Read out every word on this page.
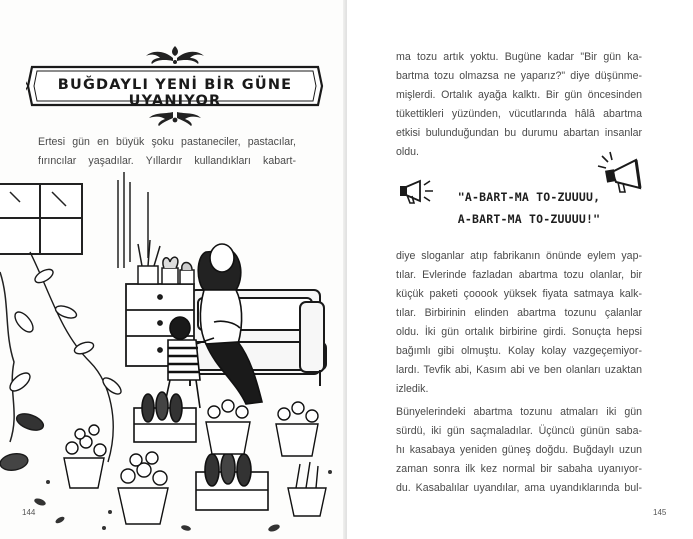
BUĞDAYLI YENİ BİR GÜNE UYANIYOR
Ertesi gün en büyük şoku pastaneciler, pastacılar,
fırıncılar yaşadılar. Yıllardır kullandıkları kabart-
144	145
ma tozu artık yoktu. Bugüne kadar "Bir gün ka-
bartma tozu olmazsa ne yaparız?" diye düşünme-
mişlerdi. Ortalık ayağa kalktı. Bir gün öncesinden
tükettikleri yüzünden, vücutlarında hâlâ abartma
etkisi bulunduğundan bu durumu abartan insanlar
oldu.
"A-BART-MA TO-ZUUUU,
A-BART-MA TO-ZUUUU!"
diye sloganlar atıp fabrikanın önünde eylem yap-
tılar. Evlerinde fazladan abartma tozu olanlar, bir
küçük paketi çooook yüksek fiyata satmaya kalk-
tılar. Birbirinin elinden abartma tozunu çalanlar
oldu. İki gün ortalık birbirine girdi. Sonuçta hepsi
bağımlı gibi olmuştu. Kolay kolay vazgeçemiyor-
lardı. Tevfik abi, Kasım abi ve ben olanları uzaktan
izledik.
Bünyelerindeki abartma tozunu atmaları iki gün
sürdü, iki gün saçmaladılar. Üçüncü günün saba-
hı kasabaya yeniden güneş doğdu. Buğdaylı uzun
zaman sonra ilk kez normal bir sabaha uyanıyor-
du. Kasabalılar uyandılar, ama uyandıklarında bul-
